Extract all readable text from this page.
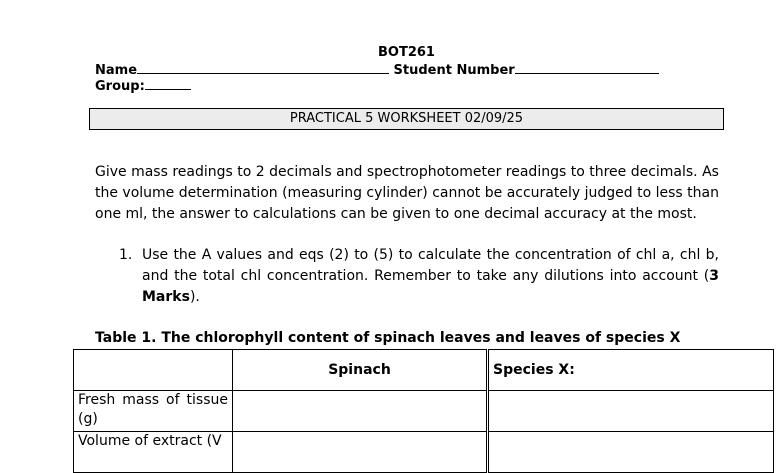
BOT261
Name	Student Number
Group:
PRACTICAL 5 WORKSHEET 02/09/25

Give mass readings to 2 decimals and spectrophotometer readings to three decimals. As the volume determination (measuring cylinder) cannot be accurately judged to less than one ml, the answer to calculations can be given to one decimal accuracy at the most.

1. Use the A values and eqs (2) to (5) to calculate the concentration of chl a, chl b, and the total chl concentration. Remember to take any dilutions into account (3 Marks).
Table 1. The chlorophyll content of spinach leaves and leaves of species X
	Spinach	Species X:
Fresh mass of tissue (g)		
Volume of extract (V		
